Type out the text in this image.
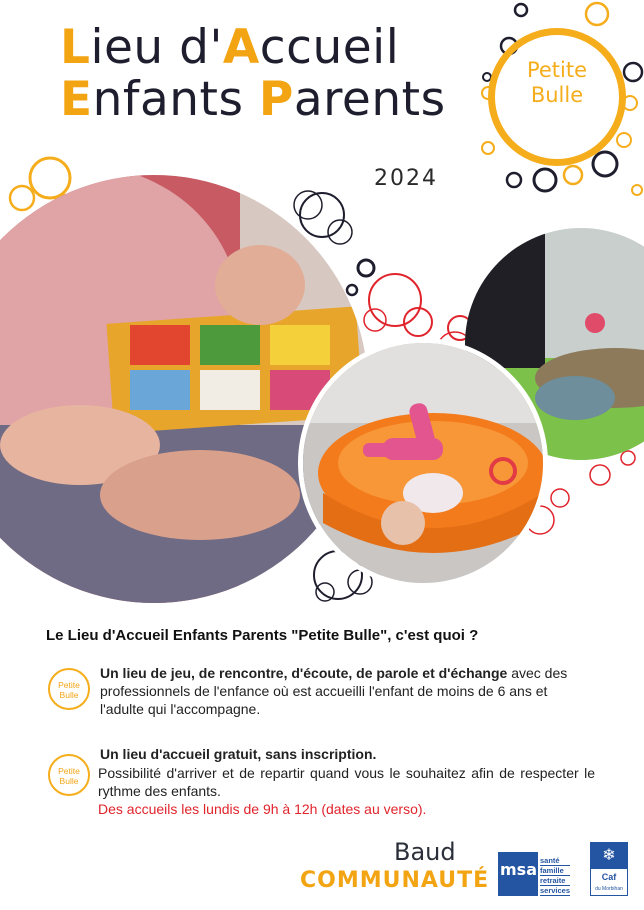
Lieu d'Accueil
Enfants Parents
2024
Petite
Bulle
Le Lieu d'Accueil Enfants Parents "Petite Bulle", c'est quoi ?
Petite
Bulle
Un lieu de jeu, de rencontre, d'écoute, de parole et d'échange avec des professionnels de l'enfance où est accueilli l'enfant de moins de 6 ans et l'adulte qui l'accompagne.
Petite
Bulle
Un lieu d'accueil gratuit, sans inscription.
Possibilité d'arriver et de repartir quand vous le souhaitez afin de respecter le rythme des enfants.
Des accueils les lundis de 9h à 12h (dates au verso).
Baud
COMMUNAUTÉ msa santé
famille
retraite
services
❄
Caf
du Morbihan
